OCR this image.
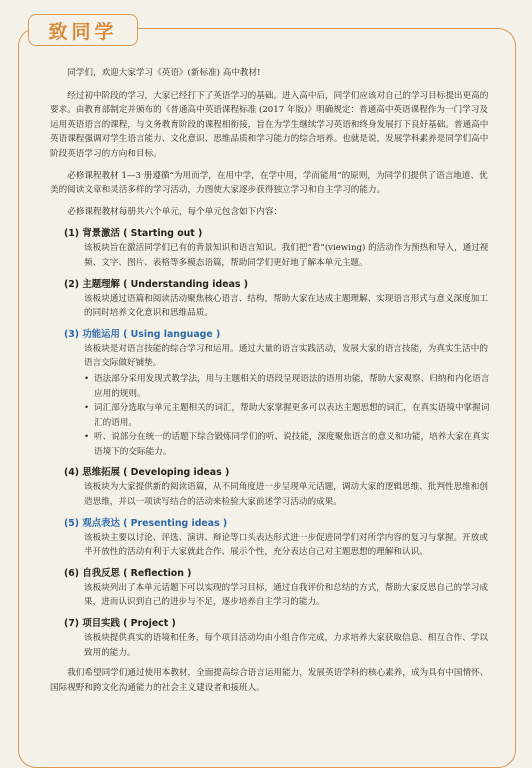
致同学

同学们，欢迎大家学习《英语》(新标准) 高中教材!

经过初中阶段的学习，大家已经打下了英语学习的基础。进入高中后，同学们应该对自己的学习目标提出更高的要求。由教育部制定并颁布的《普通高中英语课程标准 (2017 年版)》明确规定：普通高中英语课程作为一门学习及运用英语语言的课程，与文务教育阶段的课程相衔接，旨在为学生继续学习英语和终身发展打下良好基础。普通高中英语课程强调对学生语言能力、文化意识、思维品质和学习能力的综合培养。也就是说，发展学科素养是同学们高中阶段英语学习的方向和目标。

必修课程教材 1—3 册遵循“为用而学，在用中学，在学中用，学而能用”的原则，为同学们提供了语言地道、优美的阅读文章和灵活多样的学习活动，力图使大家逐步获得独立学习和自主学习的能力。

必修课程教材每册共六个单元，每个单元包含如下内容：

(1) 背景激活 ( Starting out )
该板块旨在激活同学们已有的背景知识和语言知识。我们把“看”(viewing) 的活动作为预热和导入，通过视频、文字、图片、表格等多模态语篇，帮助同学们更好地了解本单元主题。
(2) 主题理解 ( Understanding ideas )
该板块通过语篇和阅读活动聚焦核心语言、结构，帮助大家在达成主题理解、实现语言形式与意义深度加工的同时培养文化意识和思维品质。
(3) 功能运用 ( Using language )
该板块是对语言技能的综合学习和运用。通过大量的语言实践活动，发展大家的语言技能，为真实生活中的语言交际做好铺垫。
• 语法部分采用发现式教学法，用与主题相关的语段呈现语法的语用功能，帮助大家观察、归纳和内化语言应用的规则。
• 词汇部分选取与单元主题相关的词汇，帮助大家掌握更多可以表达主题思想的词汇，在真实语境中掌握词汇的语用。
• 听、说部分在统一的话题下综合锻炼同学们的听、说技能，深度聚焦语言的意义和功能，培养大家在真实语境下的交际能力。
(4) 思维拓展 ( Developing ideas )
该板块为大家提供新的阅读语篇，从不同角度进一步呈现单元话题，调动大家的逻辑思维、批判性思维和创造思维，并以一项读写结合的活动来检验大家前述学习活动的成果。
(5) 观点表达 ( Presenting ideas )
该板块主要以讨论、评选、演讲、辩论等口头表达形式进一步促进同学们对所学内容的复习与掌握。开放或半开放性的活动有利于大家就此合作、展示个性，充分表达自己对主题思想的理解和认识。
(6) 自我反思 ( Reflection )
该板块列出了本单元话题下可以实现的学习目标，通过自我评价和总结的方式，帮助大家反思自己的学习成果，进而认识到自己的进步与不足，逐步培养自主学习的能力。
(7) 项目实践 ( Project )
该板块提供真实的语境和任务，每个项目活动均由小组合作完成，力求培养大家获取信息、相互合作、学以致用的能力。

我们希望同学们通过使用本教材，全面提高综合语言运用能力，发展英语学科的核心素养，成为具有中国情怀、国际视野和跨文化沟通能力的社会主义建设者和接班人。
